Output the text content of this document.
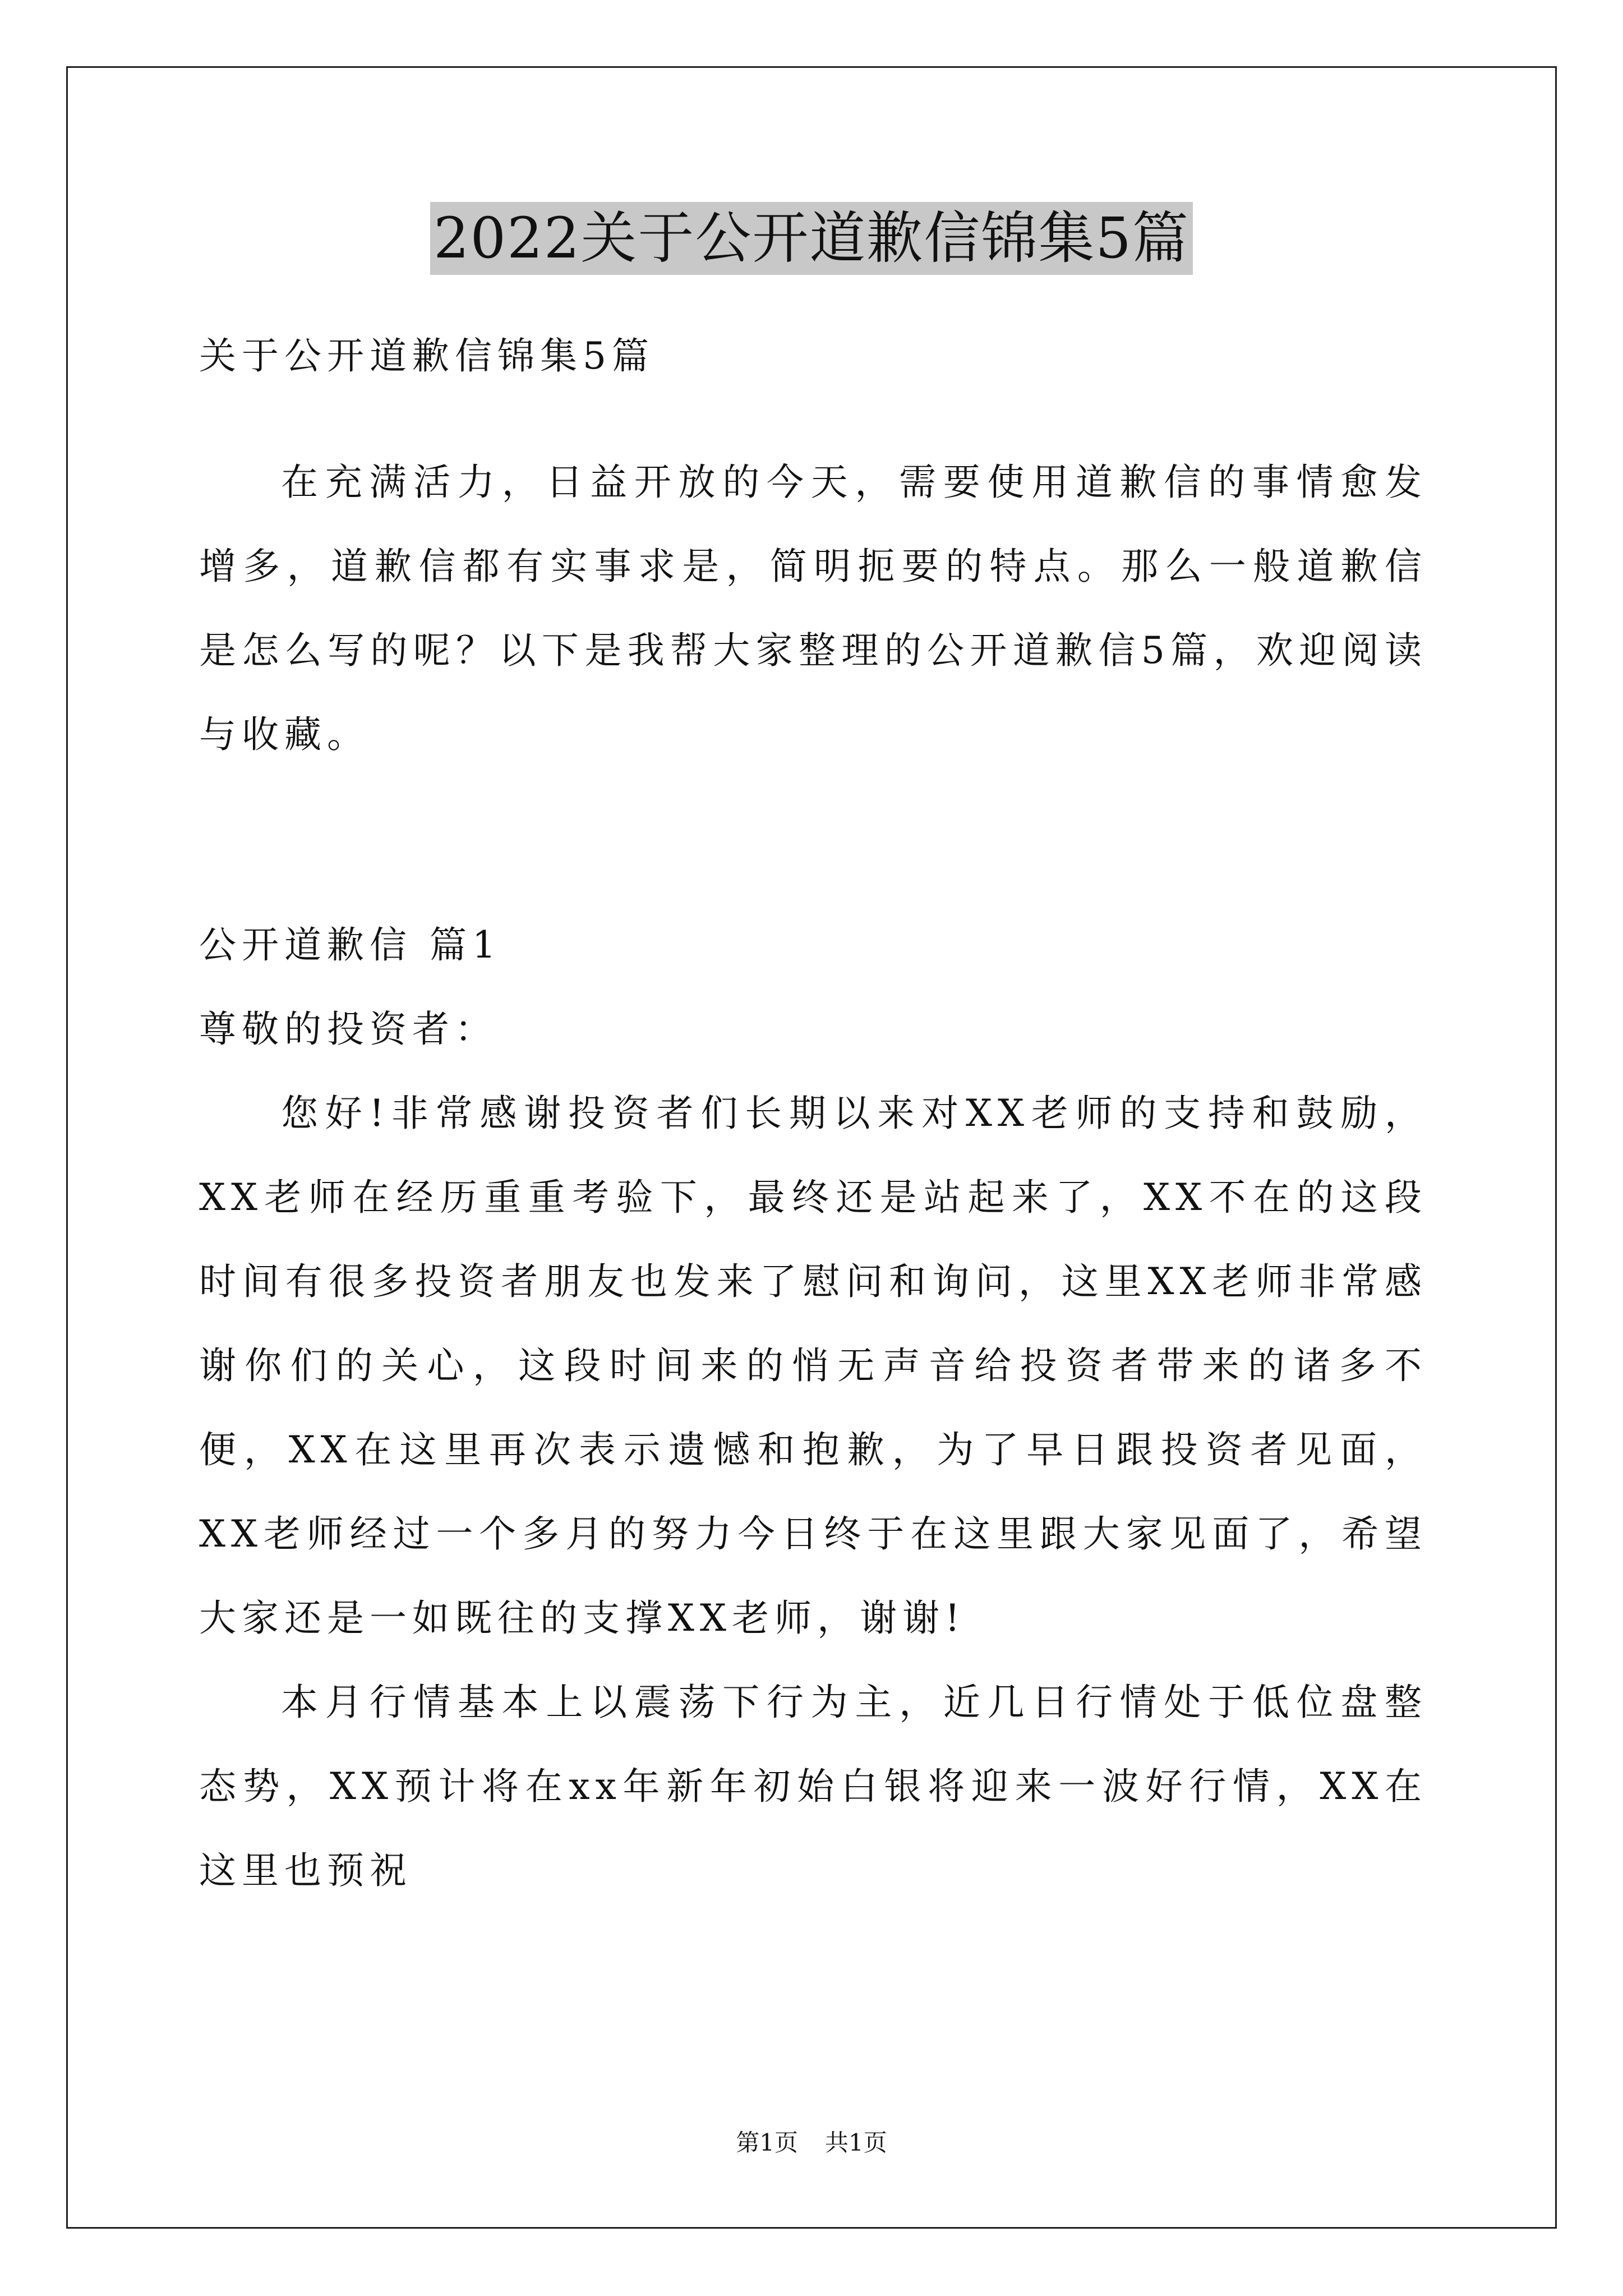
2022关于公开道歉信锦集5篇

关于公开道歉信锦集5篇

在充满活力，日益开放的今天，需要使用道歉信的事情愈发增多，道歉信都有实事求是，简明扼要的特点。那么一般道歉信是怎么写的呢？以下是我帮大家整理的公开道歉信5篇，欢迎阅读与收藏。

公开道歉信 篇1

尊敬的投资者：

您好!非常感谢投资者们长期以来对XX老师的支持和鼓励，XX老师在经历重重考验下，最终还是站起来了，XX不在的这段时间有很多投资者朋友也发来了慰问和询问，这里XX老师非常感谢你们的关心，这段时间来的悄无声音给投资者带来的诸多不便，XX在这里再次表示遗憾和抱歉，为了早日跟投资者见面，XX老师经过一个多月的努力今日终于在这里跟大家见面了，希望大家还是一如既往的支撑XX老师，谢谢!

本月行情基本上以震荡下行为主，近几日行情处于低位盘整态势，XX预计将在xx年新年初始白银将迎来一波好行情，XX在这里也预祝

第1页 共1页
